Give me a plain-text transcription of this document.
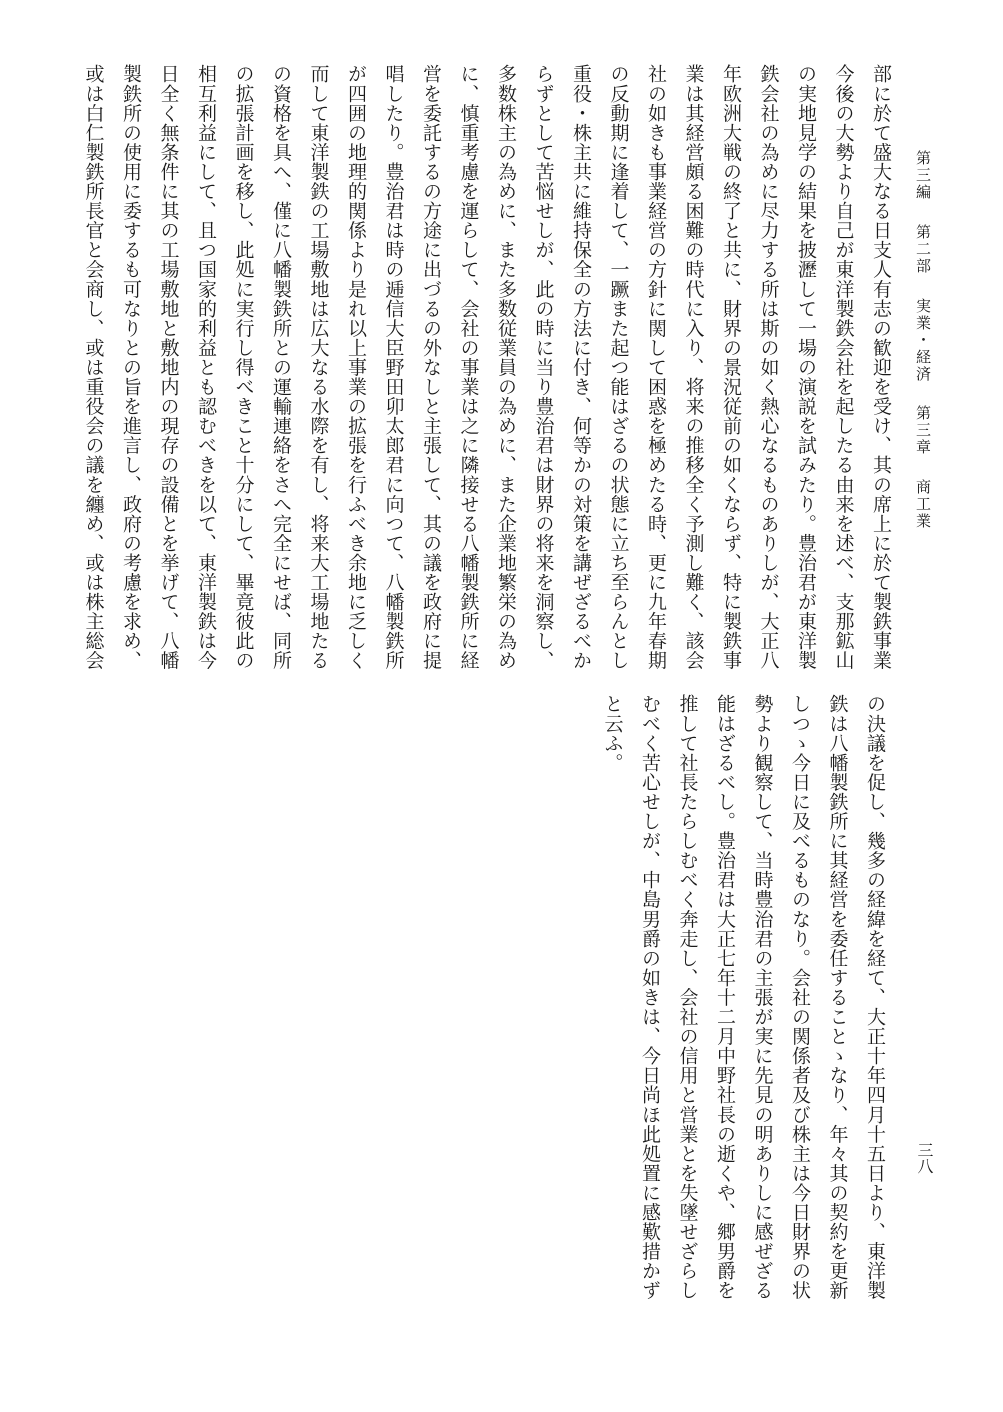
第三編 第二部 実業・経済 第三章 商工業
部に於て盛大なる日支人有志の歓迎を受け、其の席上に於て製鉄事業
今後の大勢より自己が東洋製鉄会社を起したる由来を述べ、支那鉱山
の実地見学の結果を披瀝して一場の演説を試みたり。豊治君が東洋製
鉄会社の為めに尽力する所は斯の如く熱心なるものありしが、大正八
年欧洲大戦の終了と共に、財界の景況従前の如くならず、特に製鉄事
業は其経営頗る困難の時代に入り、将来の推移全く予測し難く、該会
社の如きも事業経営の方針に関して困惑を極めたる時、更に九年春期
の反動期に逢着して、一蹶また起つ能はざるの状態に立ち至らんとし
重役・株主共に維持保全の方法に付き、何等かの対策を講ぜざるべか
らずとして苦悩せしが、此の時に当り豊治君は財界の将来を洞察し、
多数株主の為めに、また多数従業員の為めに、また企業地繁栄の為め
に、慎重考慮を運らして、会社の事業は之に隣接せる八幡製鉄所に経
営を委託するの方途に出づるの外なしと主張して、其の議を政府に提
唱したり。豊治君は時の逓信大臣野田卯太郎君に向つて、八幡製鉄所
が四囲の地理的関係より是れ以上事業の拡張を行ふべき余地に乏しく
而して東洋製鉄の工場敷地は広大なる水際を有し、将来大工場地たる
の資格を具へ、僅に八幡製鉄所との運輸連絡をさへ完全にせば、同所
の拡張計画を移し、此処に実行し得べきこと十分にして、畢竟彼此の
相互利益にして、且つ国家的利益とも認むべきを以て、東洋製鉄は今
日全く無条件に其の工場敷地と敷地内の現存の設備とを挙げて、八幡
製鉄所の使用に委するも可なりとの旨を進言し、政府の考慮を求め、
或は白仁製鉄所長官と会商し、或は重役会の議を纏め、或は株主総会
の決議を促し、幾多の経緯を経て、大正十年四月十五日より、東洋製
鉄は八幡製鉄所に其経営を委任することゝなり、年々其の契約を更新
しつゝ今日に及べるものなり。会社の関係者及び株主は今日財界の状
勢より観察して、当時豊治君の主張が実に先見の明ありしに感ぜざる
能はざるべし。豊治君は大正七年十二月中野社長の逝くや、郷男爵を
推して社長たらしむべく奔走し、会社の信用と営業とを失墜せざらし
むべく苦心せしが、中島男爵の如きは、今日尚ほ此処置に感歎措かず
と云ふ。
三八
